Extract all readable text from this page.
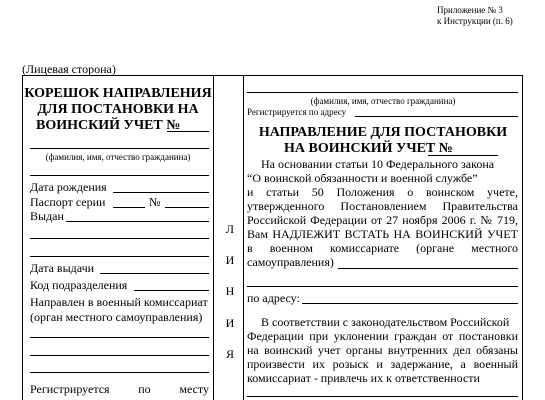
Приложение № 3
к Инструкции (п. 6)
(Лицевая сторона)
КОРЕШОК НАПРАВЛЕНИЯ
ДЛЯ ПОСТАНОВКИ НА
ВОИНСКИЙ УЧЕТ №
(фамилия, имя, отчество гражданина)
Дата рождения
Паспорт серии	№
Выдан
Дата выдачи
Код подразделения
Направлен в военный комиссариат
(орган местного самоуправления)
Регистрируется по месту
Л
И
Н
И
Я
(фамилия, имя, отчество гражданина)
Регистрируется по адресу
НАПРАВЛЕНИЕ ДЛЯ ПОСТАНОВКИ
НА ВОИНСКИЙ УЧЕТ №
На основании статьи 10 Федерального закона
“О воинской обязанности и военной службе”
и статьи 50 Положения о воинском учете,
утвержденного Постановлением Правительства
Российской Федерации от 27 ноября 2006 г. № 719,
Вам НАДЛЕЖИТ ВСТАТЬ НА ВОИНСКИЙ УЧЕТ
в военном комиссариате (органе местного
самоуправления)
по адресу:
В соответствии с законодательством Российской
Федерации при уклонении граждан от постановки
на воинский учет органы внутренних дел обязаны
произвести их розыск и задержание, а военный
комиссариат - привлечь их к ответственности
